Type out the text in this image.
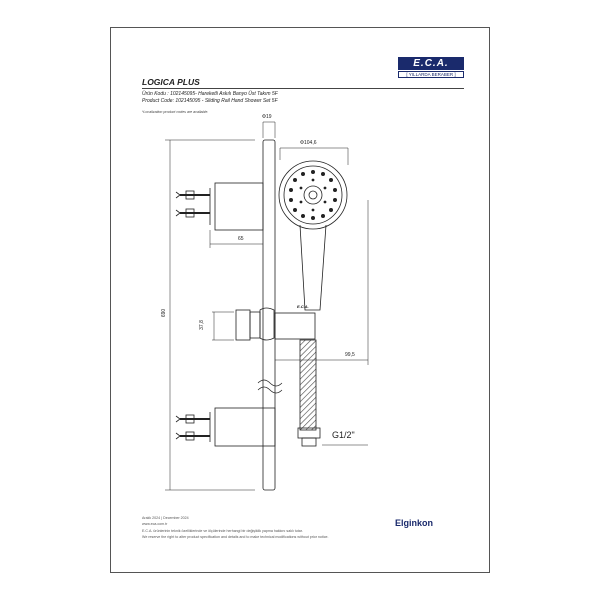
E.C.A.
[ YILLARDA BERABER ]
LOGICA PLUS
Ürün Kodu : 102145095- Hareketli Askılı Banyo Üst Takım 5F
Product Code: 102145095 - Sliding Rail Hand Shower Set 5F
*Localization product codes are available.
E.C.A.
Φ19
Φ104,6
65
690
37,8
99,5
G1/2"
Aralık 2024 | December 2024
www.eca.com.tr
E.C.A. ürünlerinin teknik özelliklerinde ve ölçülerinde herhangi bir değişiklik yapma hakkını saklı tutar.
We reserve the right to alter product specification and details and to make technical modifications without prior notice.
Elginkon
